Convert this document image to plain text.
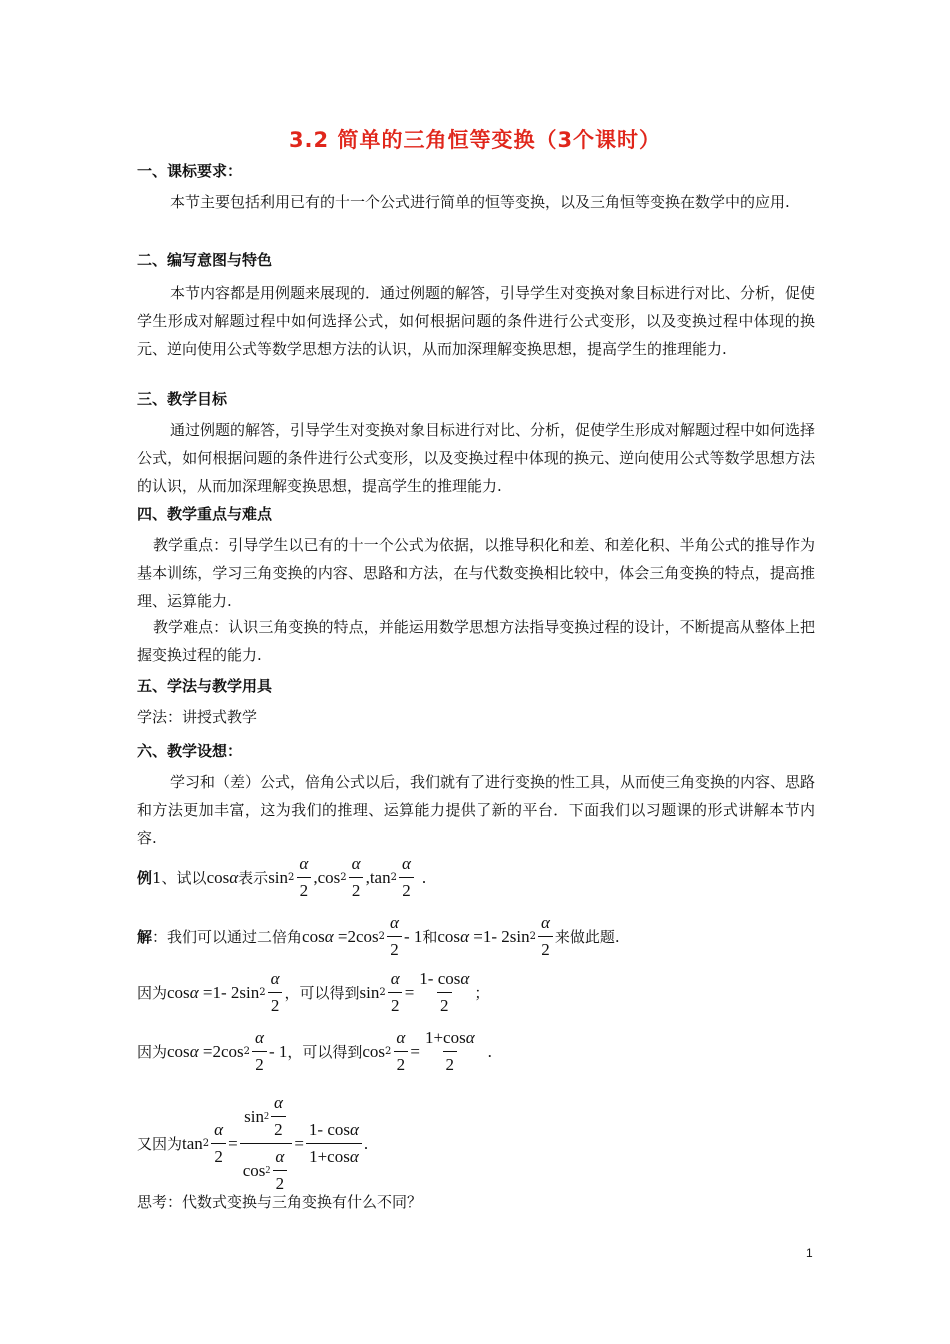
3.2 简单的三角恒等变换（3个课时）
一、课标要求：
本节主要包括利用已有的十一个公式进行简单的恒等变换，以及三角恒等变换在数学中的应用.
二、编写意图与特色
本节内容都是用例题来展现的．通过例题的解答，引导学生对变换对象目标进行对比、分析，促使学生形成对解题过程中如何选择公式，如何根据问题的条件进行公式变形，以及变换过程中体现的换元、逆向使用公式等数学思想方法的认识，从而加深理解变换思想，提高学生的推理能力.
三、教学目标
通过例题的解答，引导学生对变换对象目标进行对比、分析，促使学生形成对解题过程中如何选择公式，如何根据问题的条件进行公式变形，以及变换过程中体现的换元、逆向使用公式等数学思想方法的认识，从而加深理解变换思想，提高学生的推理能力.
四、教学重点与难点
教学重点：引导学生以已有的十一个公式为依据，以推导积化和差、和差化积、半角公式的推导作为基本训练，学习三角变换的内容、思路和方法，在与代数变换相比较中，体会三角变换的特点，提高推理、运算能力.
教学难点：认识三角变换的特点，并能运用数学思想方法指导变换过程的设计，不断提高从整体上把握变换过程的能力.
五、学法与教学用具
学法：讲授式教学
六、教学设想：
学习和（差）公式，倍角公式以后，我们就有了进行变换的性工具，从而使三角变换的内容、思路和方法更加丰富，这为我们的推理、运算能力提供了新的平台．下面我们以习题课的形式讲解本节内容.
例 1、试以 cos α 表示 $\sin 2 \frac{\alpha}{2}$ , $\cos 2 \frac{\alpha}{2}$ , $\tan 2 \frac{\alpha}{2}$ .
解 ：我们可以通过二倍角 cos α =2cos $2 \frac{\alpha}{2} - 1$ 和 cos α =1- 2sin $2 \frac{\alpha}{2}$ 来做此题.
因为 cos α =1- 2sin $2 \frac{\alpha}{2}$ ，可以得到 $\sin 2 \frac{\alpha}{2} = \frac{1- \cos\alpha}{2}$ ；
因为 cos α =2cos $2 \frac{\alpha}{2} - 1$ ，可以得到 $\cos 2 \frac{\alpha}{2} = \frac{1+\cos\alpha}{2}$ .
又因为 $\tan 2 \frac{\alpha}{2} = \frac{\sin 2 \frac{\alpha}{2}}{\cos 2 \frac{\alpha}{2}} = \frac{1- \cos\alpha}{1+\cos\alpha}$ .
思考：代数式变换与三角变换有什么不同？
1
